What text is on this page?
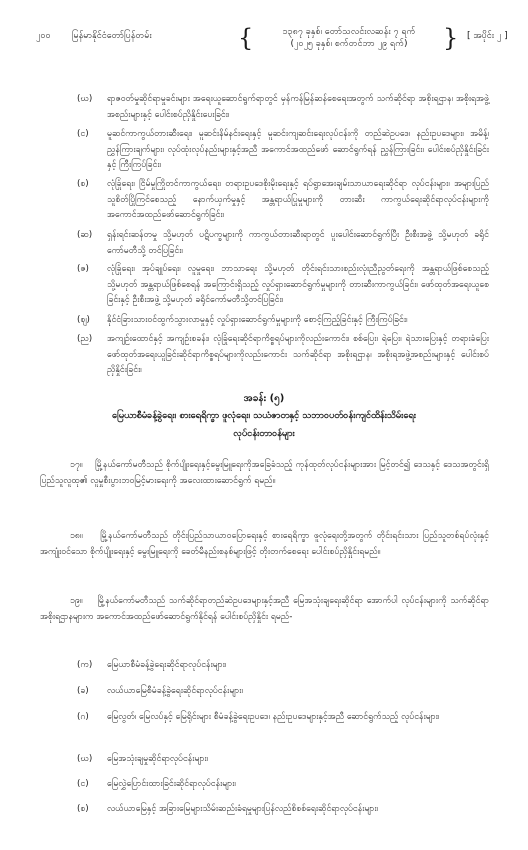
၂၀၀ မြန်မာနိုင်ငံတော်ပြန်တမ်း	{	၁၃၈၇ ခုနှစ်၊ တော်သလင်းလဆန်း ၇ ရက်
(၂၀၂၅ ခုနှစ်၊ စက်တင်ဘာ ၂၉ ရက်)	} [ အပိုင်း ၂ ]
(ဃ) ရာဇဝတ်မှုဆိုင်ရာမှုခင်းများ အရေးယူဆောင်ရွက်ရာတွင် မှန်ကန်မြန်ဆန်စေရေးအတွက် သက်ဆိုင်ရာ အစိုးရဌာန၊ အစိုးရအဖွဲ့အစည်းများနှင့် ပေါင်းစပ်ညှိနှိုင်းပေးခြင်း၊
(င) မူဆင်ကာကွယ်တားဆီးရေး၊ မူဆင်းနိမ်နင်းရေးနှင့် မူဆင်းကျဆင်းရေးလုပ်ငန်းကို တည်ဆဲဥပဒေ၊ နည်းဥပဒေများ၊ အမိန့်၊ ညွှန်ကြားချက်များ၊ လုပ်ထုံးလုပ်နည်းများနှင့်အညီ အကောင်အထည်ဖော် ဆောင်ရွက်ရန် ညွှန်ကြားခြင်း၊ ပေါင်းစပ်ညှိနှိုင်းခြင်းနှင့် ကြီးကြပ်ခြင်း၊
(စ) လုံခြုံရေး၊ ငြိမ်မှုကြိုတင်ကာကွယ်ရေး၊ တရားဥပဒေစိုးမိုးရေးနှင့် ရပ်ရွာအေးချမ်းသာယာရေးဆိုင်ရာ လုပ်ငန်းများ၊ အများပြည်သူစိတ်ပြိုကြင်စေသည့် နောက်ယှက်မှုနှင့် အန္တရာယ်ပြုမှုများကို တားဆီး ကာကွယ်ရေးဆိုင်ရာလုပ်ငန်းများကို အကောင်အထည်ဖော်ဆောင်ရွက်ခြင်း၊
(ဆ) ရှန်းရင်းဆန်တမှု သို့မဟုတ် ပဋိပက္ခများကို ကာကွယ်တားဆီးရာတွင် ပူးပေါင်းဆောင်ရွက်ပြီး ဦးစီးအဖွဲ့ သို့မဟုတ် ခရိုင်ကော်မတီသို့ တင်ပြခြင်း၊
(ဇ) လုံခြုံရေး၊ အုပ်ချုပ်ရေး၊ လူမှုရေး၊ ဘာသာရေး သို့မဟုတ် တိုင်းရင်းသားစည်းလုံးညီညွတ်ရေးကို အန္တရာယ်ဖြစ်စေသည့် သို့မဟုတ် အန္တရာယ်ဖြစ်စေရန် အကြောင်းရှိသည့် လှုပ်ရှားဆောင်ရွက်မှုများကို တားဆီးကာကွယ်ခြင်း၊ ဖော်ထုတ်အရေးယူစေခြင်းနှင့် ဦးစီးအဖွဲ့ သို့မဟုတ် ခရိုင်ကော်မတီသို့တင်ပြခြင်း၊
(ဈ) နိုင်ငံခြားသားဝင်ထွက်သွားလာမှုနှင့် လှုပ်ရှားဆောင်ရွက်မှုများကို စောင့်ကြည့်ခြင်းနှင့် ကြီးကြပ်ခြင်း၊
(ည) အကျဉ်းထောင်နှင့် အကျဉ်းစခန်း၊ လုံခြုံရေးဆိုင်ရာကိစ္စရပ်များကိုလည်းကောင်း၊ စစ်ပြေး၊ ရဲပြေး၊ ရဲသားပြေးနှင့် တရားခံပြေး ဖော်ထုတ်အရေးယူခြင်းဆိုင်ရာကိစ္စရပ်များကိုလည်းကောင်း သက်ဆိုင်ရာ အစိုးရဌာန၊ အစိုးရအဖွဲ့အစည်းများနှင့် ပေါင်းစပ်ညှိနှိုင်းခြင်း၊
အခန်း (၅)
မြေယာစီမံခန့်ခွဲရေး၊ စားရေရိက္ခာ ဖူလုံရေး၊ သယံဇာတနှင့် သဘာဝပတ်ဝန်းကျင်ထိန်းသိမ်းရေး
လုပ်ငန်းတာဝန်များ
၁၇။ မြို့နယ်ကော်မတီသည် စိုက်ပျိုးရေးနှင့်မွေးမြူရေးကိုအခြေခံသည့် ကုန်ထုတ်လုပ်ငန်းများအား မြင့်တင်၍ ဒေသနှင့် ဒေသအတွင်းရှိ ပြည်သူလူထု၏ လူမှုစီးပွားဘဝမြင့်မားရေးကို အလေးထားဆောင်ရွက် ရမည်။
၁၈။ မြို့နယ်ကော်မတီသည် တိုင်းပြည်သာယာဝပြောရေးနှင့် စားရေရိက္ခာ ဖူလုံရေးတို့အတွက် တိုင်းရင်းသား ပြည်သူတစ်ရပ်လုံးနှင့် အကျုံးဝင်သော စိုက်ပျိုးရေးနှင့် မွေးမြူရေးကို ခေတ်မီနည်းစနစ်များဖြင့် တိုးတက်စေရေး ပေါင်းစပ်ညှိနှိုင်းရမည်။
၁၉။ မြို့နယ်ကော်မတီသည် သက်ဆိုင်ရာတည်ဆဲဥပဒေများနှင့်အညီ မြေအသုံးချရေးဆိုင်ရာ အောက်ပါ လုပ်ငန်းများကို သက်ဆိုင်ရာအစိုးရဌာနများက အကောင်အထည်ဖော်ဆောင်ရွက်နိုင်ရန် ပေါင်းစပ်ညှိနှိုင်း ရမည်-
(က) မြေယာစီမံခန့်ခွဲရေးဆိုင်ရာလုပ်ငန်းများ၊
(ခ) လယ်ယာမြေစီမံခန့်ခွဲရေးဆိုင်ရာလုပ်ငန်းများ၊
(ဂ) မြေလွတ်၊ မြေလပ်နှင့် မြေရိုင်းများ စီမံခန့်ခွဲရေးဥပဒေ၊ နည်းဥပဒေများနှင့်အညီ ဆောင်ရွက်သည့် လုပ်ငန်းများ၊
(ဃ) မြေအသုံးချမှုဆိုင်ရာလုပ်ငန်းများ၊
(င) မြေလွှဲပြောင်းထားခြင်းဆိုင်ရာလုပ်ငန်းများ၊
(စ) လယ်ယာမြေနှင့် အခြားမြေများသိမ်းဆည်းခံရမှုများပြန်လည်စိစစ်ရေးဆိုင်ရာလုပ်ငန်းများ၊
